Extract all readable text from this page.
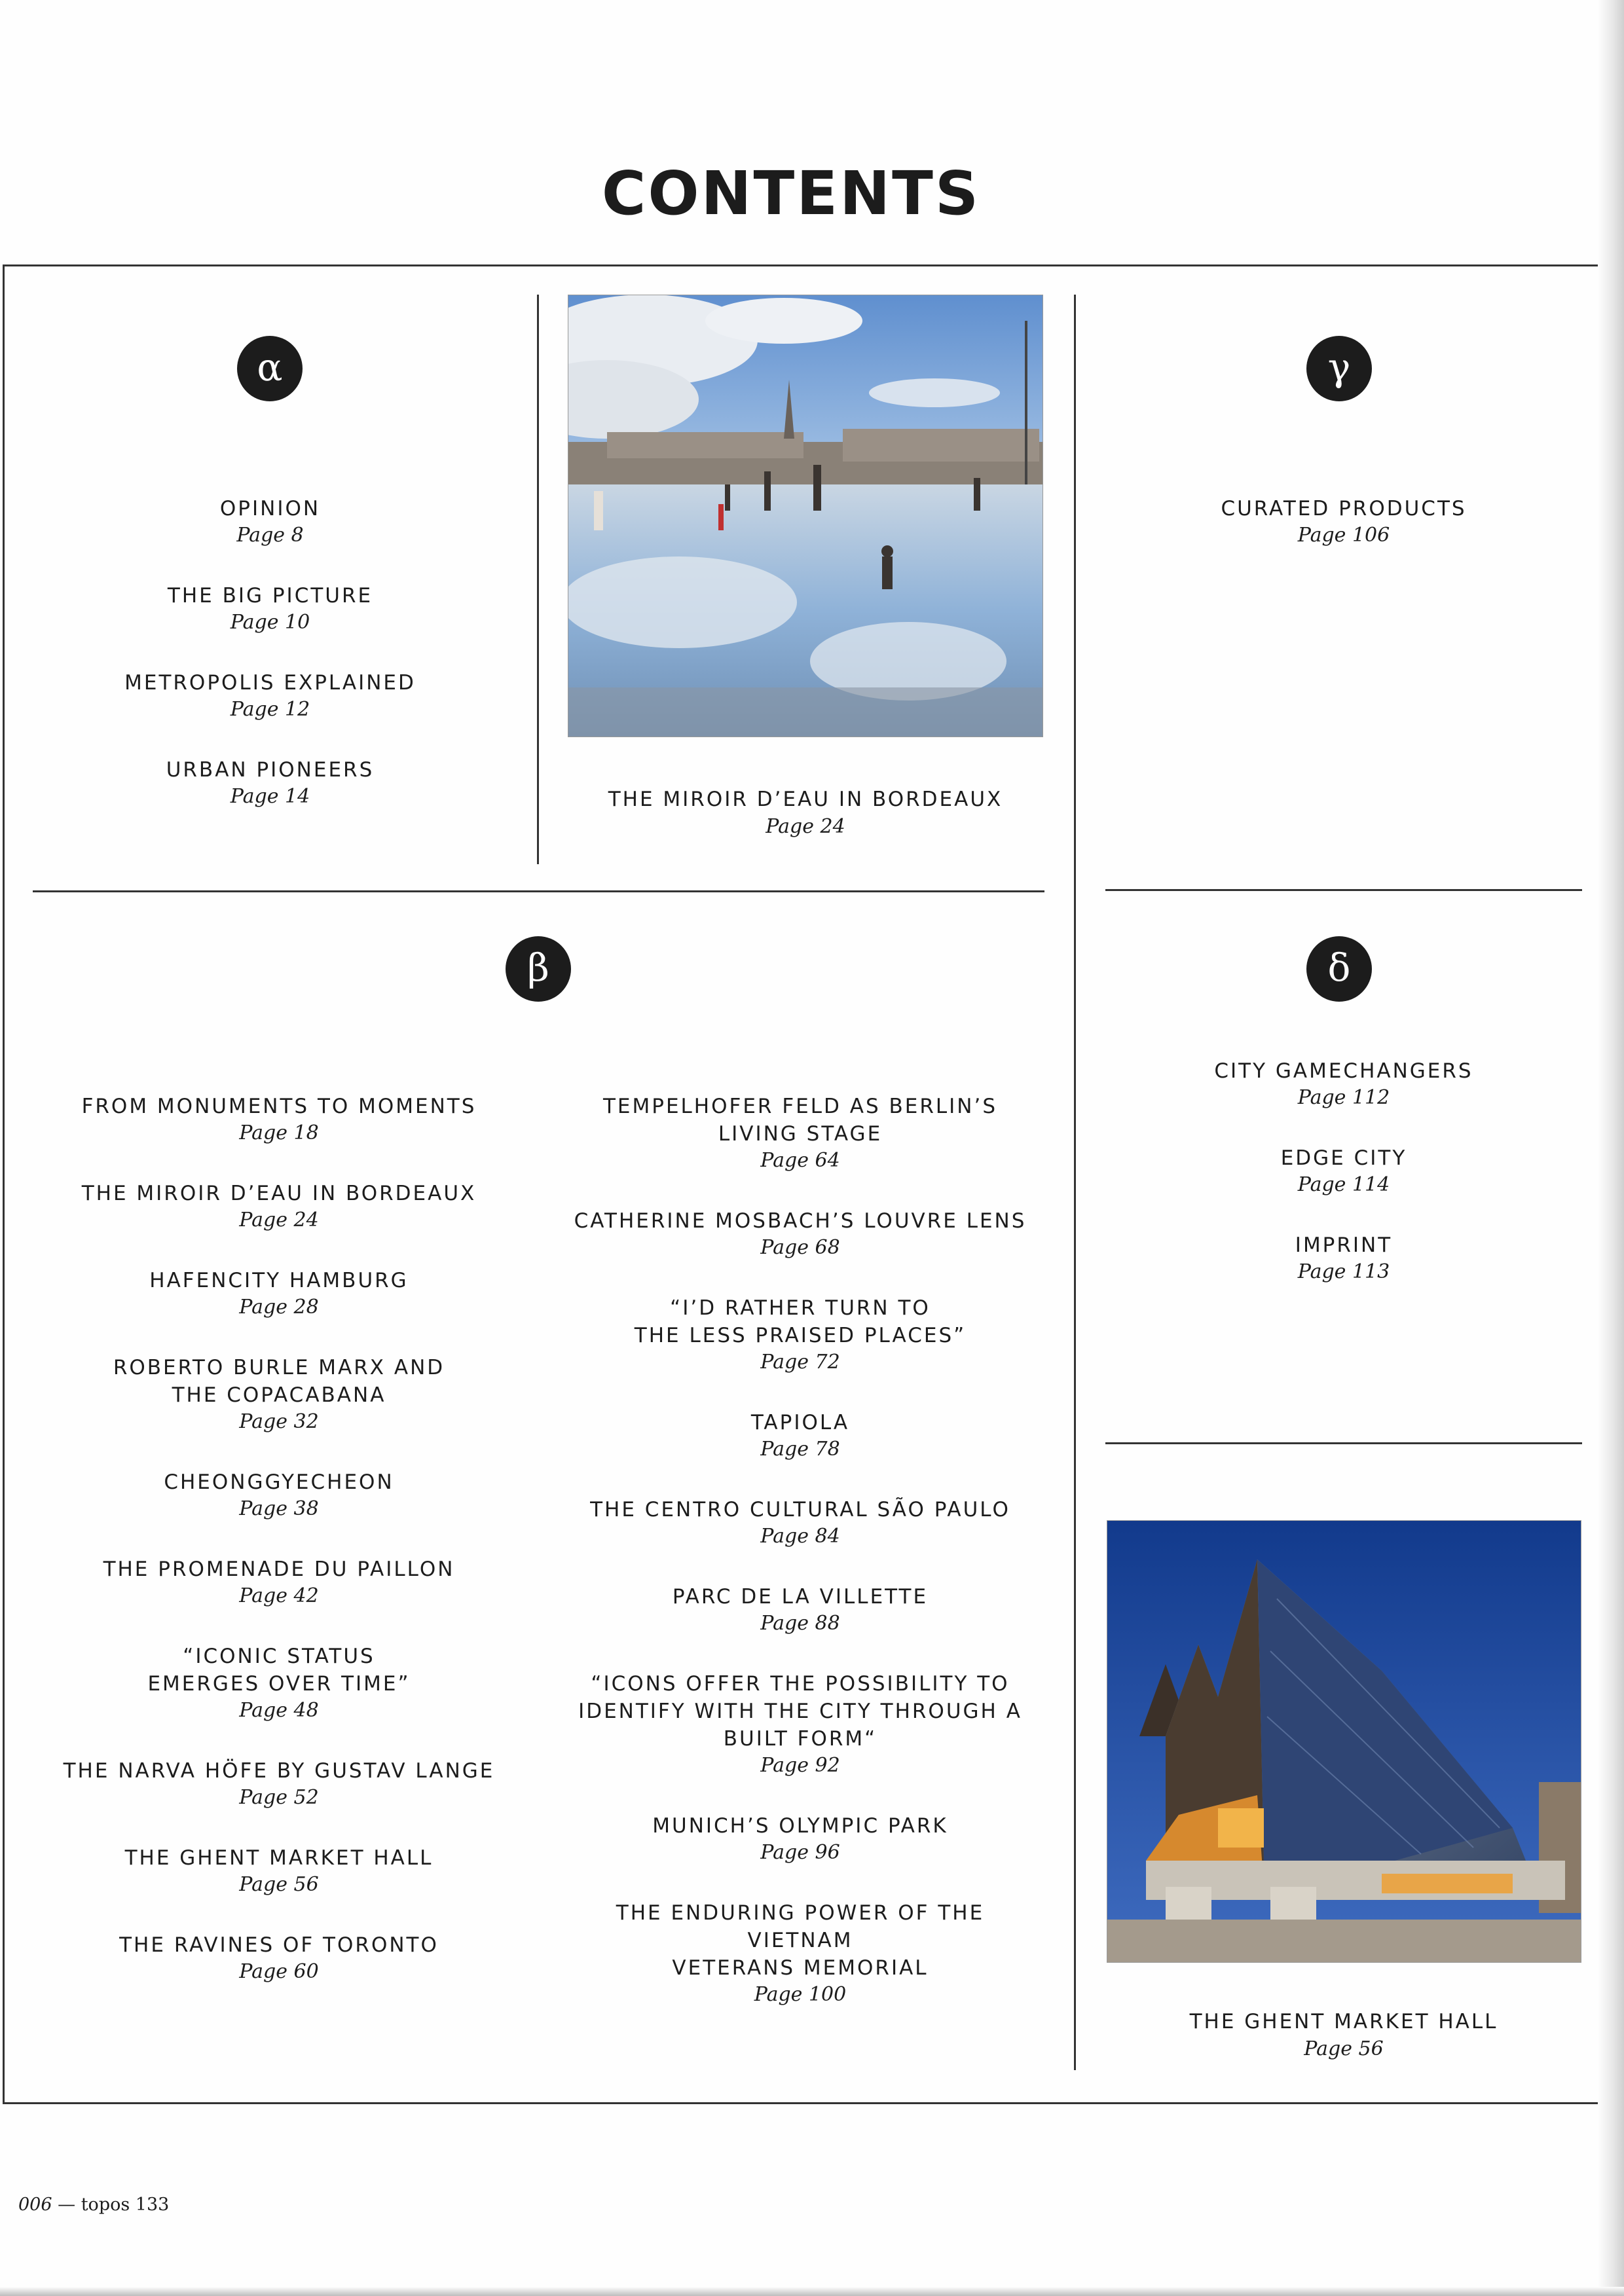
CONTENTS
α
OPINION
Page 8
THE BIG PICTURE
Page 10
METROPOLIS EXPLAINED
Page 12
URBAN PIONEERS
Page 14	THE MIROIR D’EAU IN BORDEAUX
Page 24
γ
CURATED PRODUCTS
Page 106
β
FROM MONUMENTS TO MOMENTS
Page 18
THE MIROIR D’EAU IN BORDEAUX
Page 24
HAFENCITY HAMBURG
Page 28
ROBERTO BURLE MARX AND
THE COPACABANA
Page 32
CHEONGGYECHEON
Page 38
THE PROMENADE DU PAILLON
Page 42
“ICONIC STATUS
EMERGES OVER TIME”
Page 48
THE NARVA HÖFE BY GUSTAV LANGE
Page 52
THE GHENT MARKET HALL
Page 56
THE RAVINES OF TORONTO
Page 60
TEMPELHOFER FELD AS BERLIN’S
LIVING STAGE
Page 64
CATHERINE MOSBACH’S LOUVRE LENS
Page 68
“I’D RATHER TURN TO
THE LESS PRAISED PLACES”
Page 72
TAPIOLA
Page 78
THE CENTRO CULTURAL SÃO PAULO
Page 84
PARC DE LA VILLETTE
Page 88
“ICONS OFFER THE POSSIBILITY TO
IDENTIFY WITH THE CITY THROUGH A
BUILT FORM“
Page 92
MUNICH’S OLYMPIC PARK
Page 96
THE ENDURING POWER OF THE VIETNAM
VETERANS MEMORIAL
Page 100
δ
CITY GAMECHANGERS
Page 112
EDGE CITY
Page 114
IMPRINT
Page 113
THE GHENT MARKET HALL
Page 56
006 — topos 133
